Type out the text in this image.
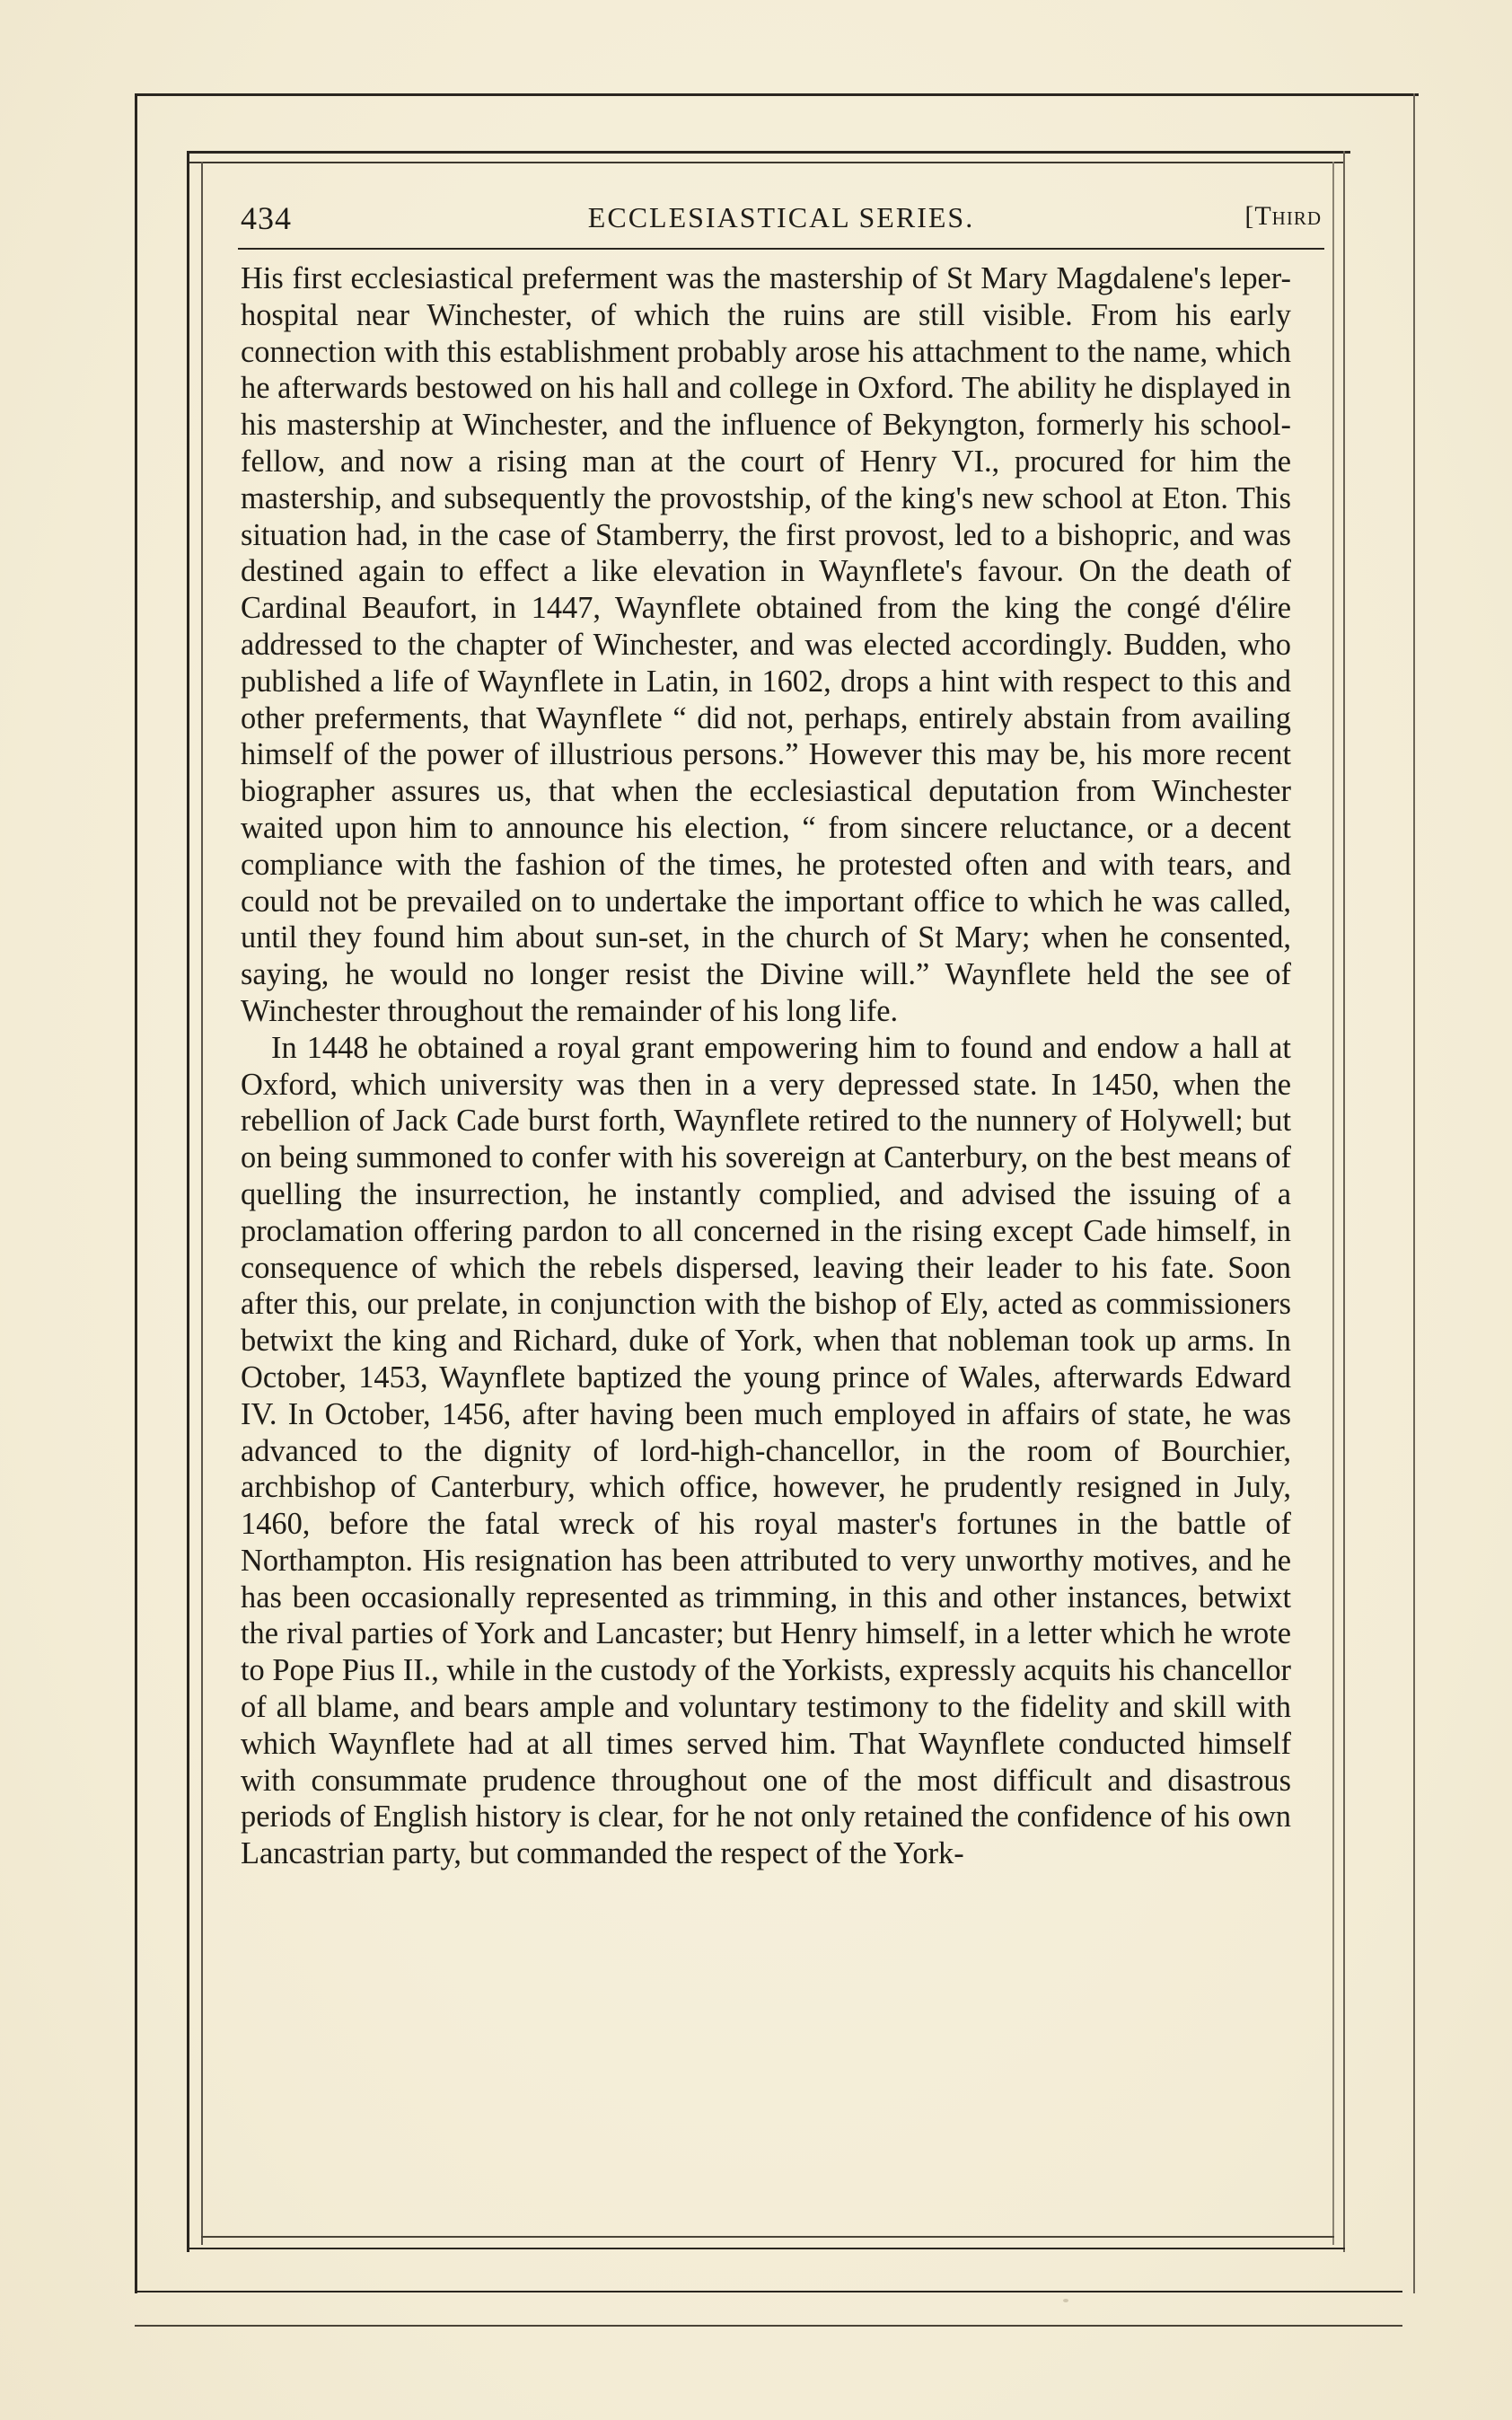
434	ECCLESIASTICAL SERIES.	[Third

His first ecclesiastical preferment was the mastership of St Mary Magdalene's leper-hospital near Winchester, of which the ruins are still visible. From his early connection with this establishment probably arose his attachment to the name, which he afterwards bestowed on his hall and college in Oxford. The ability he displayed in his mastership at Winchester, and the influence of Bekyngton, formerly his school-fellow, and now a rising man at the court of Henry VI., procured for him the mastership, and subsequently the provostship, of the king's new school at Eton. This situation had, in the case of Stamberry, the first provost, led to a bishopric, and was destined again to effect a like elevation in Waynflete's favour. On the death of Cardinal Beaufort, in 1447, Waynflete obtained from the king the congé d'élire addressed to the chapter of Winchester, and was elected accordingly. Budden, who published a life of Waynflete in Latin, in 1602, drops a hint with respect to this and other preferments, that Waynflete “ did not, perhaps, entirely abstain from availing himself of the power of illustrious persons.” However this may be, his more recent biographer assures us, that when the ecclesiastical deputation from Winchester waited upon him to announce his election, “ from sincere reluctance, or a decent compliance with the fashion of the times, he protested often and with tears, and could not be prevailed on to undertake the important office to which he was called, until they found him about sun-set, in the church of St Mary; when he consented, saying, he would no longer resist the Divine will.” Waynflete held the see of Winchester throughout the remainder of his long life.

In 1448 he obtained a royal grant empowering him to found and endow a hall at Oxford, which university was then in a very depressed state. In 1450, when the rebellion of Jack Cade burst forth, Waynflete retired to the nunnery of Holywell; but on being summoned to confer with his sovereign at Canterbury, on the best means of quelling the insurrection, he instantly complied, and advised the issuing of a proclamation offering pardon to all concerned in the rising except Cade himself, in consequence of which the rebels dispersed, leaving their leader to his fate. Soon after this, our prelate, in conjunction with the bishop of Ely, acted as commissioners betwixt the king and Richard, duke of York, when that nobleman took up arms. In October, 1453, Waynflete baptized the young prince of Wales, afterwards Edward IV. In October, 1456, after having been much employed in affairs of state, he was advanced to the dignity of lord-high-chancellor, in the room of Bourchier, archbishop of Canterbury, which office, however, he prudently resigned in July, 1460, before the fatal wreck of his royal master's fortunes in the battle of Northampton. His resignation has been attributed to very unworthy motives, and he has been occasionally represented as trimming, in this and other instances, betwixt the rival parties of York and Lancaster; but Henry himself, in a letter which he wrote to Pope Pius II., while in the custody of the Yorkists, expressly acquits his chancellor of all blame, and bears ample and voluntary testimony to the fidelity and skill with which Waynflete had at all times served him. That Waynflete conducted himself with consummate prudence throughout one of the most difficult and disastrous periods of English history is clear, for he not only retained the confidence of his own Lancastrian party, but commanded the respect of the York-
